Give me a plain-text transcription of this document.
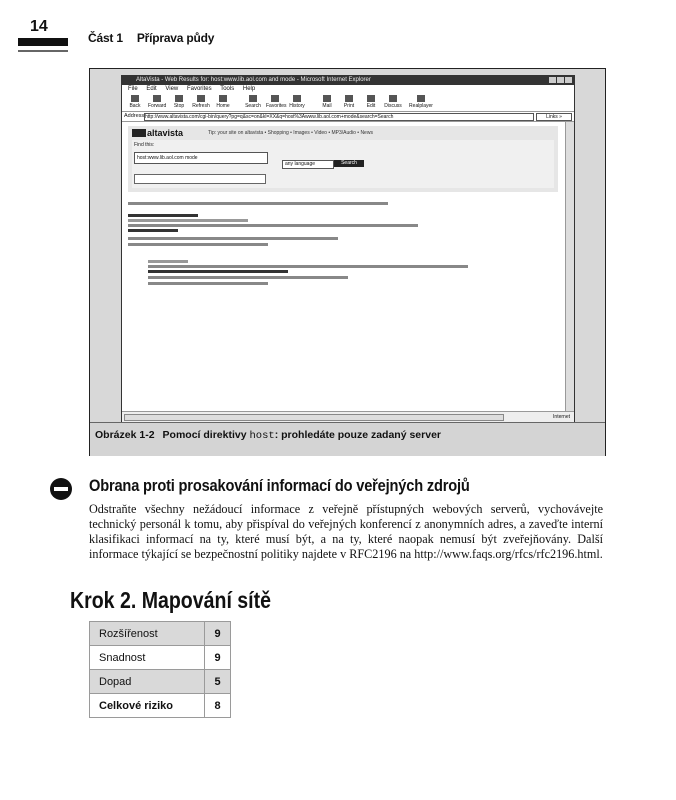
14
Část 1 Příprava půdy
AltaVista - Web Results for: host:www.lib.aol.com and mode - Microsoft Internet Explorer
File Edit View Favorites Tools Help
Back	Forward	Stop	Refresh	Home	Search Favorites History	Mail	Print	Edit	Discuss Realplayer
Address http://www.altavista.com/cgi-bin/query?pg=q&sc=on&kl=XX&q=host%3Awww.lib.aol.com+mode&search=Search	Links »
altavista	Tip: your site on altavista • Shopping • Images • Video • MP3/Audio • News
Find this:
host:www.lib.aol.com mode
any language	Search
Internet
Obrázek 1-2 Pomocí direktivy host: prohledáte pouze zadaný server
Obrana proti prosakování informací do veřejných zdrojů
Odstraňte všechny nežádoucí informace z veřejně přístupných webových serverů, vychovávejte technický personál k tomu, aby přispíval do veřejných konferencí z anonymních adres, a zaveďte interní klasifikaci informací na ty, které musí být, a na ty, které naopak nemusí být zveřejňovány. Další informace týkající se bezpečnostní politiky najdete v RFC2196 na http://www.faqs.org/rfcs/rfc2196.html.
Krok 2. Mapování sítě
Rozšířenost	9
Snadnost	9
Dopad	5
Celkové riziko	8
